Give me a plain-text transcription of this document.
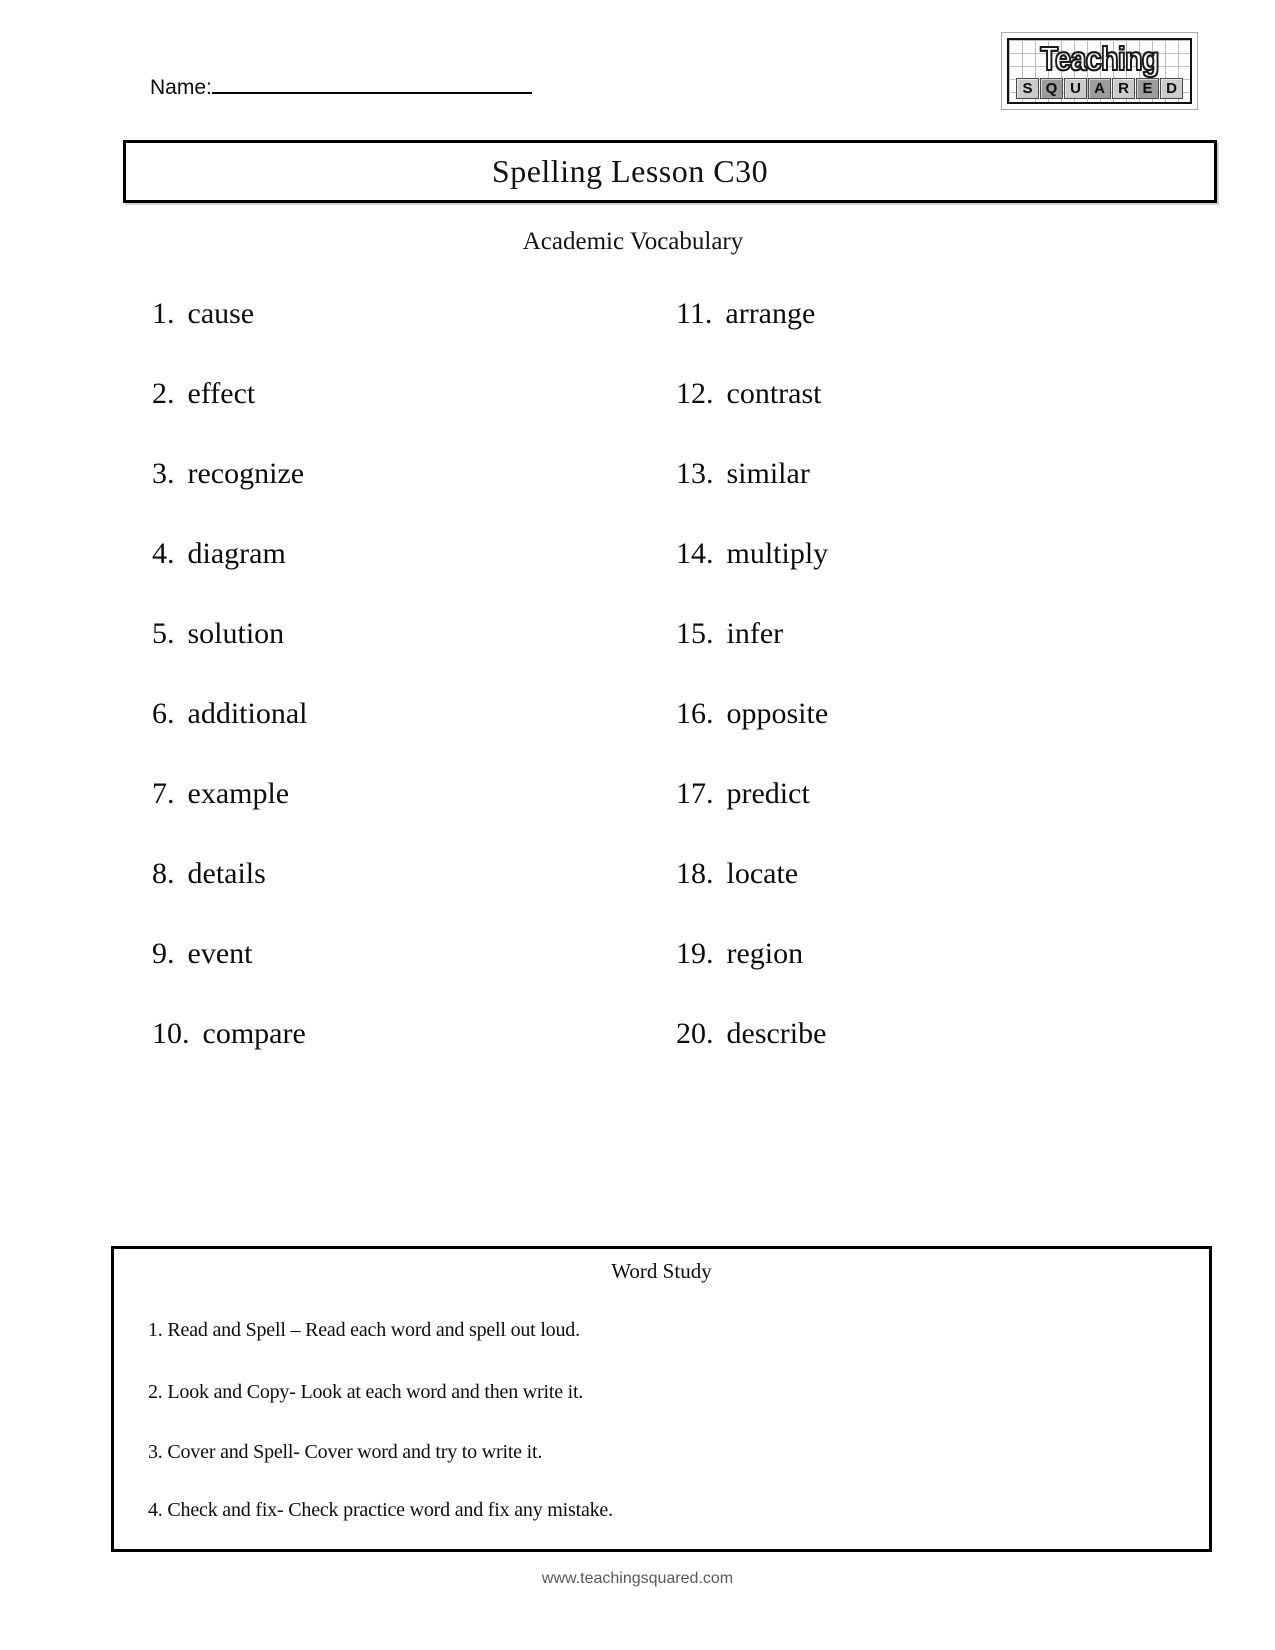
Name:
Teaching
S Q U A R E D
Spelling Lesson C30
Academic Vocabulary
1. cause
2. effect
3. recognize
4. diagram
5. solution
6. additional
7. example
8. details
9. event
10. compare
11. arrange
12. contrast
13. similar
14. multiply
15. infer
16. opposite
17. predict
18. locate
19. region
20. describe
Word Study
1. Read and Spell – Read each word and spell out loud.
2. Look and Copy- Look at each word and then write it.
3. Cover and Spell- Cover word and try to write it.
4. Check and fix- Check practice word and fix any mistake.
www.teachingsquared.com
